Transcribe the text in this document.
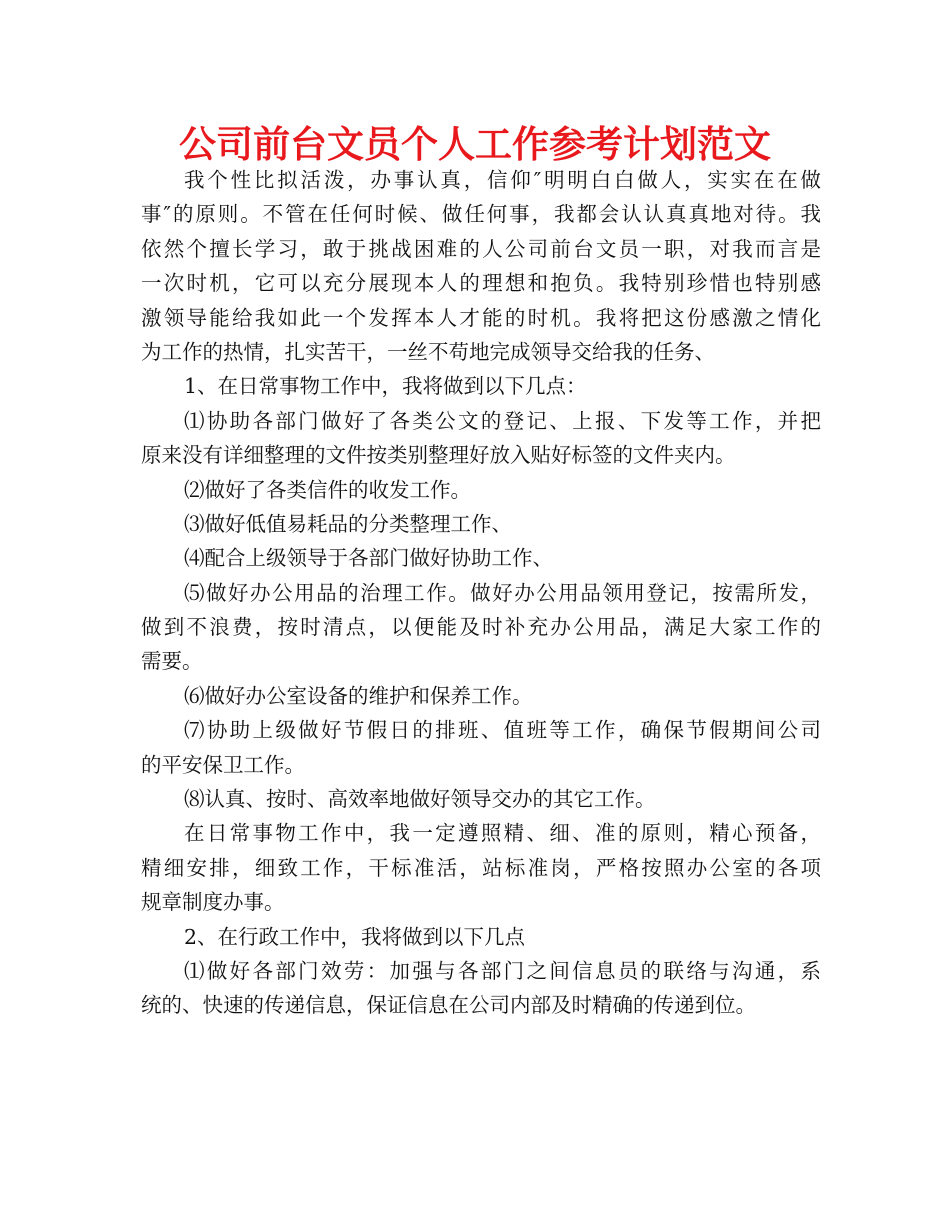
公司前台文员个人工作参考计划范文
我个性比拟活泼，办事认真，信仰″明明白白做人，实实在在做
事″的原则。不管在任何时候、做任何事，我都会认认真真地对待。我
依然个擅长学习，敢于挑战困难的人公司前台文员一职，对我而言是
一次时机，它可以充分展现本人的理想和抱负。我特别珍惜也特别感
激领导能给我如此一个发挥本人才能的时机。我将把这份感激之情化
为工作的热情，扎实苦干，一丝不苟地完成领导交给我的任务、
1、在日常事物工作中，我将做到以下几点：
⑴协助各部门做好了各类公文的登记、上报、下发等工作，并把
原来没有详细整理的文件按类别整理好放入贴好标签的文件夹内。
⑵做好了各类信件的收发工作。
⑶做好低值易耗品的分类整理工作、
⑷配合上级领导于各部门做好协助工作、
⑸做好办公用品的治理工作。做好办公用品领用登记，按需所发，
做到不浪费，按时清点，以便能及时补充办公用品，满足大家工作的
需要。
⑹做好办公室设备的维护和保养工作。
⑺协助上级做好节假日的排班、值班等工作，确保节假期间公司
的平安保卫工作。
⑻认真、按时、高效率地做好领导交办的其它工作。
在日常事物工作中，我一定遵照精、细、准的原则，精心预备，
精细安排，细致工作，干标准活，站标准岗，严格按照办公室的各项
规章制度办事。
2、在行政工作中，我将做到以下几点
⑴做好各部门效劳：加强与各部门之间信息员的联络与沟通，系
统的、快速的传递信息，保证信息在公司内部及时精确的传递到位。
